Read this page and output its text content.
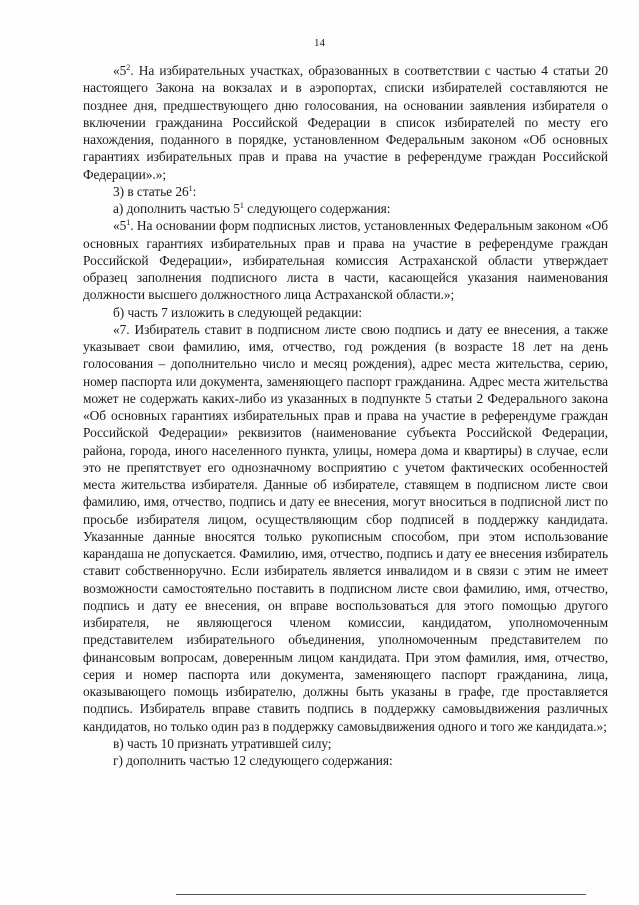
14

«$5^2$. На избирательных участках, образованных в соответствии с частью 4 статьи 20 настоящего Закона на вокзалах и в аэропортах, списки избирателей составляются не позднее дня, предшествующего дню голосования, на основании заявления избирателя о включении гражданина Российской Федерации в список избирателей по месту его нахождения, поданного в порядке, установленном Федеральным законом «Об основных гарантиях избирательных прав и права на участие в референдуме граждан Российской Федерации».»;

3) в статье $26^1$:

а) дополнить частью $5^1$ следующего содержания:

«$5^1$. На основании форм подписных листов, установленных Федеральным законом «Об основных гарантиях избирательных прав и права на участие в референдуме граждан Российской Федерации», избирательная комиссия Астраханской области утверждает образец заполнения подписного листа в части, касающейся указания наименования должности высшего должностного лица Астраханской области.»;

б) часть 7 изложить в следующей редакции:

«7. Избиратель ставит в подписном листе свою подпись и дату ее внесения, а также указывает свои фамилию, имя, отчество, год рождения (в возрасте 18 лет на день голосования – дополнительно число и месяц рождения), адрес места жительства, серию, номер паспорта или документа, заменяющего паспорт гражданина. Адрес места жительства может не содержать каких-либо из указанных в подпункте 5 статьи 2 Федерального закона «Об основных гарантиях избирательных прав и права на участие в референдуме граждан Российской Федерации» реквизитов (наименование субъекта Российской Федерации, района, города, иного населенного пункта, улицы, номера дома и квартиры) в случае, если это не препятствует его однозначному восприятию с учетом фактических особенностей места жительства избирателя. Данные об избирателе, ставящем в подписном листе свои фамилию, имя, отчество, подпись и дату ее внесения, могут вноситься в подписной лист по просьбе избирателя лицом, осуществляющим сбор подписей в поддержку кандидата. Указанные данные вносятся только рукописным способом, при этом использование карандаша не допускается. Фамилию, имя, отчество, подпись и дату ее внесения избиратель ставит собственноручно. Если избиратель является инвалидом и в связи с этим не имеет возможности самостоятельно поставить в подписном листе свои фамилию, имя, отчество, подпись и дату ее внесения, он вправе воспользоваться для этого помощью другого избирателя, не являющегося членом комиссии, кандидатом, уполномоченным представителем избирательного объединения, уполномоченным представителем по финансовым вопросам, доверенным лицом кандидата. При этом фамилия, имя, отчество, серия и номер паспорта или документа, заменяющего паспорт гражданина, лица, оказывающего помощь избирателю, должны быть указаны в графе, где проставляется подпись. Избиратель вправе ставить подпись в поддержку самовыдвижения различных кандидатов, но только один раз в поддержку самовыдвижения одного и того же кандидата.»;

в) часть 10 признать утратившей силу;

г) дополнить частью 12 следующего содержания:
